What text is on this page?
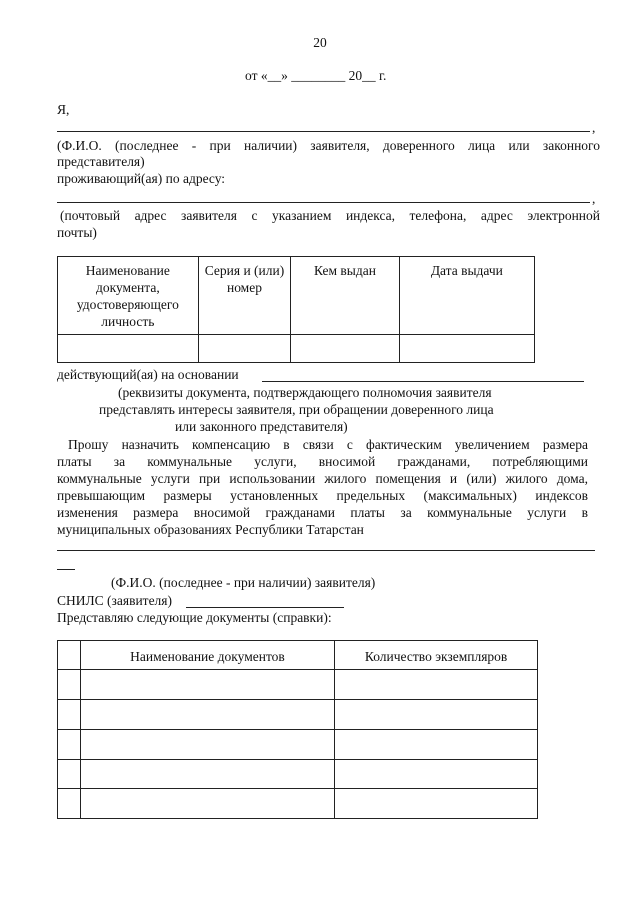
20
от «__» ________ 20__ г.
Я,
,
(Ф.И.О. (последнее - при наличии) заявителя, доверенного лица или законного
представителя)
проживающий(ая) по адресу:
,
(почтовый адрес заявителя с указанием индекса, телефона, адрес электронной
почты)
Наименование документа, удостоверяющего личность	Серия и (или) номер	Кем выдан	Дата выдачи

действующий(ая) на основании
(реквизиты документа, подтверждающего полномочия заявителя
представлять интересы заявителя, при обращении доверенного лица
или законного представителя)
Прошу назначить компенсацию в связи с фактическим увеличением размера
платы за коммунальные услуги, вносимой гражданами, потребляющими
коммунальные услуги при использовании жилого помещения и (или) жилого дома,
превышающим размеры установленных предельных (максимальных) индексов
изменения размера вносимой гражданами платы за коммунальные услуги в
муниципальных образованиях Республики Татарстан
(Ф.И.О. (последнее - при наличии) заявителя)
СНИЛС (заявителя)
Представляю следующие документы (справки):
	Наименование документов	Количество экземпляров
